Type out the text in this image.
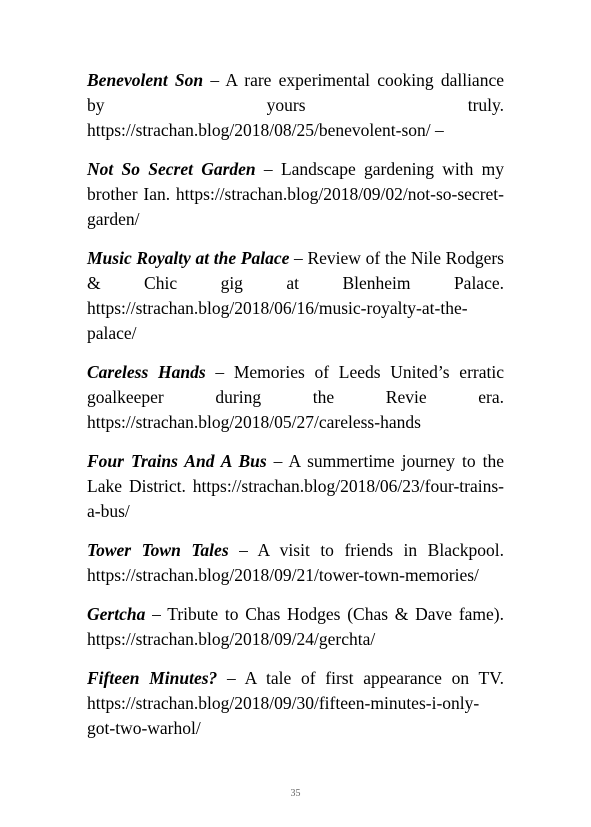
Benevolent Son – A rare experimental cooking dalliance by yours truly. https://strachan.blog/2018/08/25/benevolent-son/ –

Not So Secret Garden – Landscape gardening with my brother Ian. https://strachan.blog/2018/09/02/not-so-secret-garden/

Music Royalty at the Palace – Review of the Nile Rodgers & Chic gig at Blenheim Palace. https://strachan.blog/2018/06/16/music-royalty-at-the-palace/

Careless Hands – Memories of Leeds United’s erratic goalkeeper during the Revie era. https://strachan.blog/2018/05/27/careless-hands

Four Trains And A Bus – A summertime journey to the Lake District. https://strachan.blog/2018/06/23/four-trains-a-bus/

Tower Town Tales – A visit to friends in Blackpool. https://strachan.blog/2018/09/21/tower-town-memories/

Gertcha – Tribute to Chas Hodges (Chas & Dave fame). https://strachan.blog/2018/09/24/gerchta/

Fifteen Minutes? – A tale of first appearance on TV. https://strachan.blog/2018/09/30/fifteen-minutes-i-only-got-two-warhol/

35
